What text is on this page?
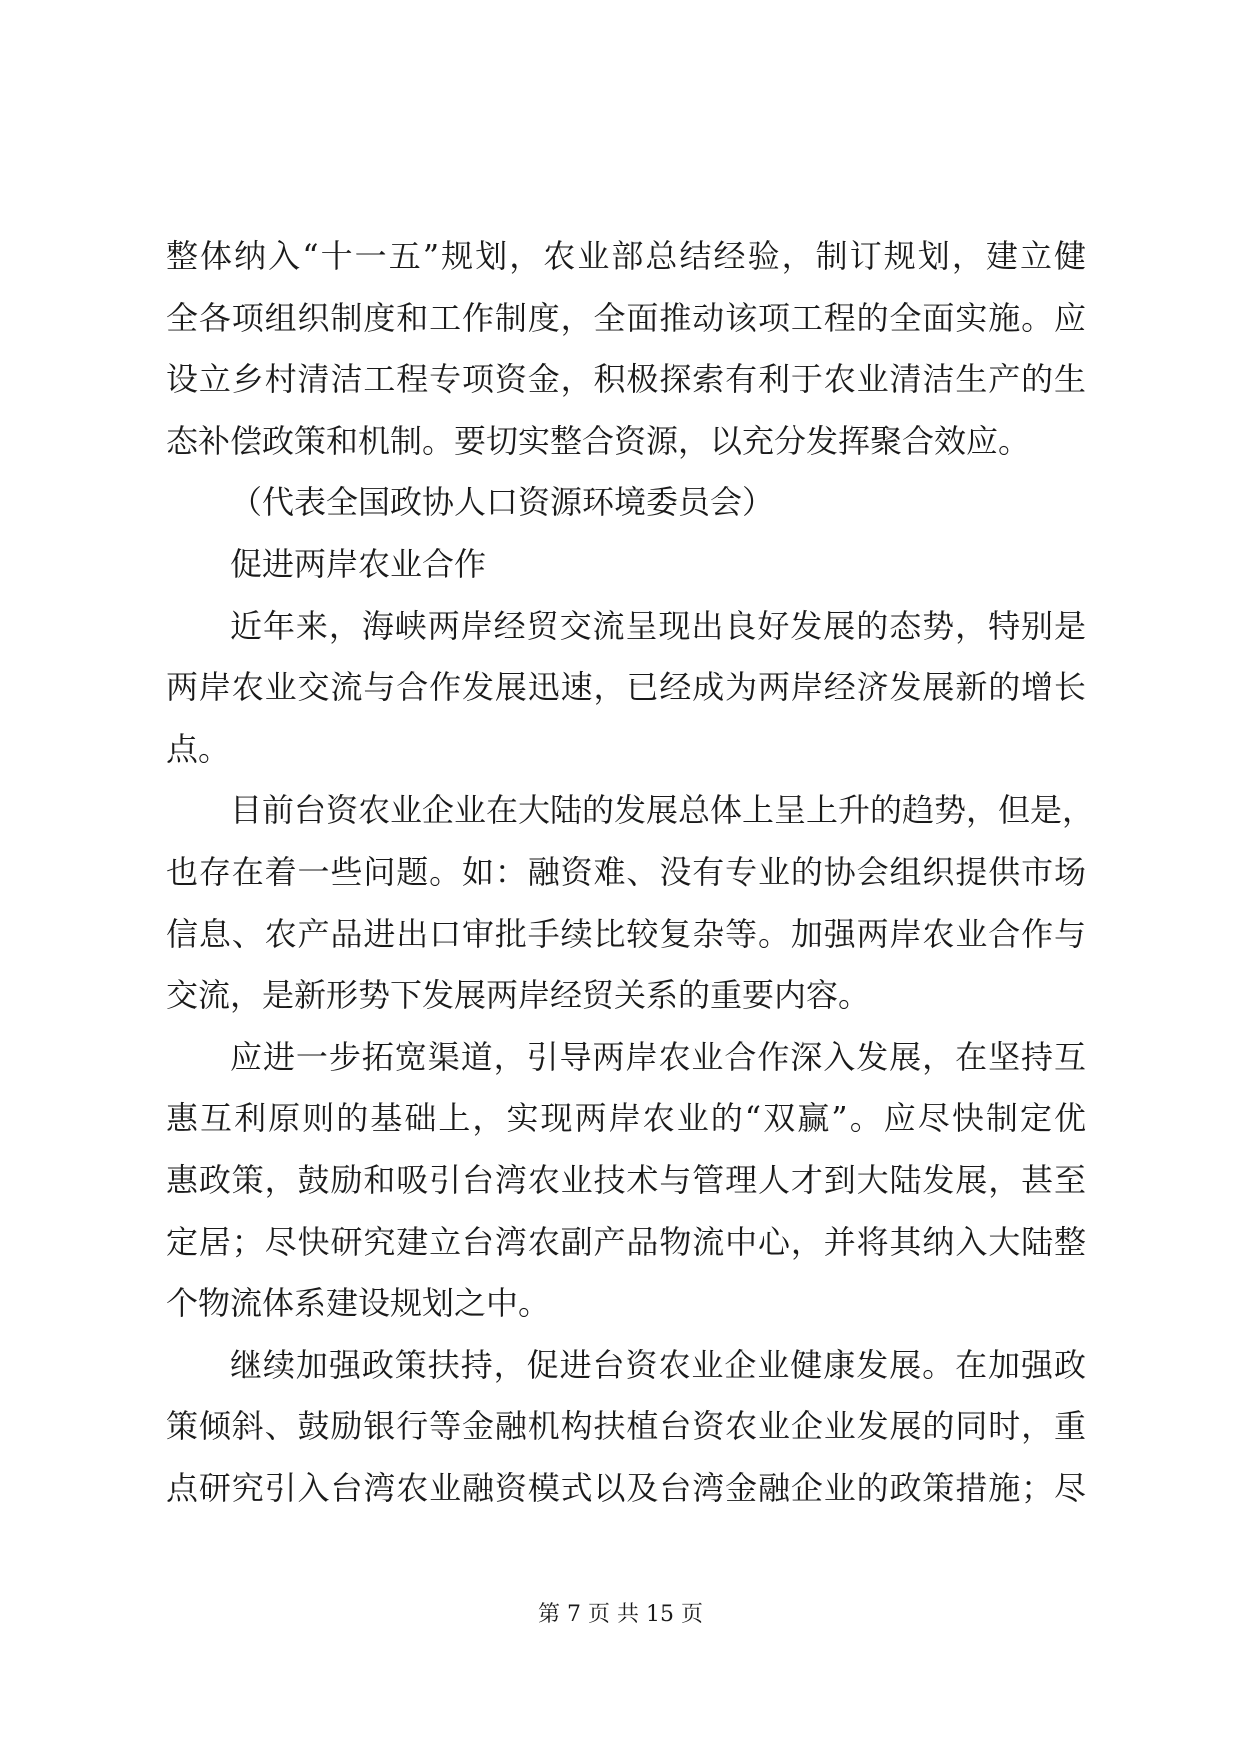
整体纳入“十一五”规划，农业部总结经验，制订规划，建立健
全各项组织制度和工作制度，全面推动该项工程的全面实施。应
设立乡村清洁工程专项资金，积极探索有利于农业清洁生产的生
态补偿政策和机制。要切实整合资源，以充分发挥聚合效应。
（代表全国政协人口资源环境委员会）
促进两岸农业合作
近年来，海峡两岸经贸交流呈现出良好发展的态势，特别是
两岸农业交流与合作发展迅速，已经成为两岸经济发展新的增长
点。
目前台资农业企业在大陆的发展总体上呈上升的趋势，但是，
也存在着一些问题。如：融资难、没有专业的协会组织提供市场
信息、农产品进出口审批手续比较复杂等。加强两岸农业合作与
交流，是新形势下发展两岸经贸关系的重要内容。
应进一步拓宽渠道，引导两岸农业合作深入发展，在坚持互
惠互利原则的基础上，实现两岸农业的“双赢”。应尽快制定优
惠政策，鼓励和吸引台湾农业技术与管理人才到大陆发展，甚至
定居；尽快研究建立台湾农副产品物流中心，并将其纳入大陆整
个物流体系建设规划之中。
继续加强政策扶持，促进台资农业企业健康发展。在加强政
策倾斜、鼓励银行等金融机构扶植台资农业企业发展的同时，重
点研究引入台湾农业融资模式以及台湾金融企业的政策措施；尽
第 7 页 共 15 页
